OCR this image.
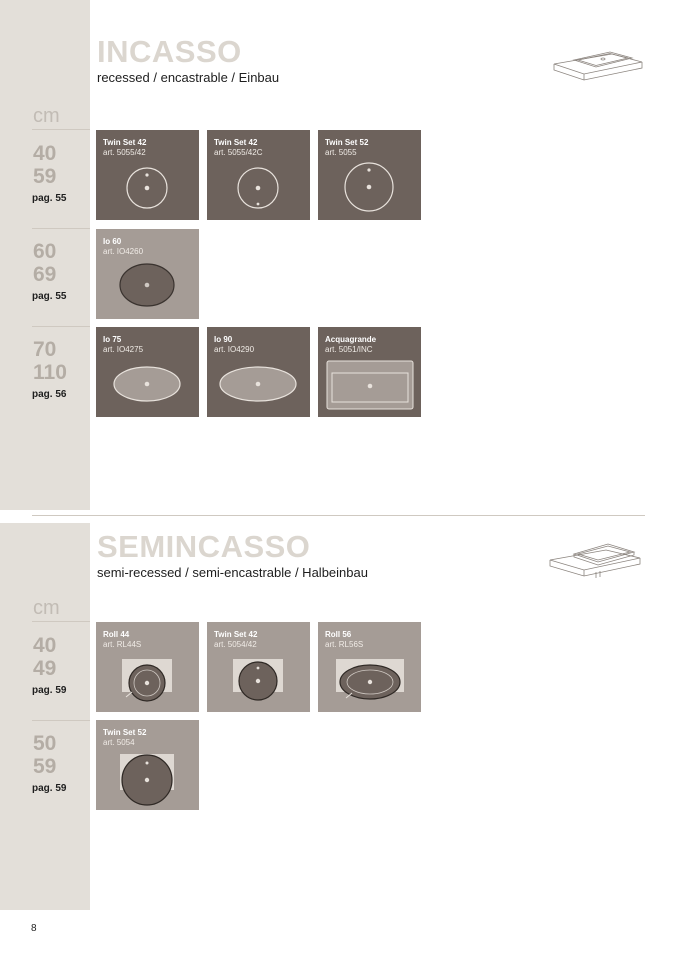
INCASSO

recessed / encastrable / Einbau

cm
40
59
pag. 55
60
69
pag. 55
70
110
pag. 56
Twin Set 42
art. 5055/42
Twin Set 42
art. 5055/42C
Twin Set 52
art. 5055
Io 60
art. IO4260
Io 75
art. IO4275
Io 90
art. IO4290
Acquagrande
art. 5051/INC
SEMINCASSO

semi-recessed / semi-encastrable / Halbeinbau

cm
40
49
pag. 59
50
59
pag. 59
Roll 44
art. RL44S
Twin Set 42
art. 5054/42
Roll 56
art. RL56S
Twin Set 52
art. 5054
8
